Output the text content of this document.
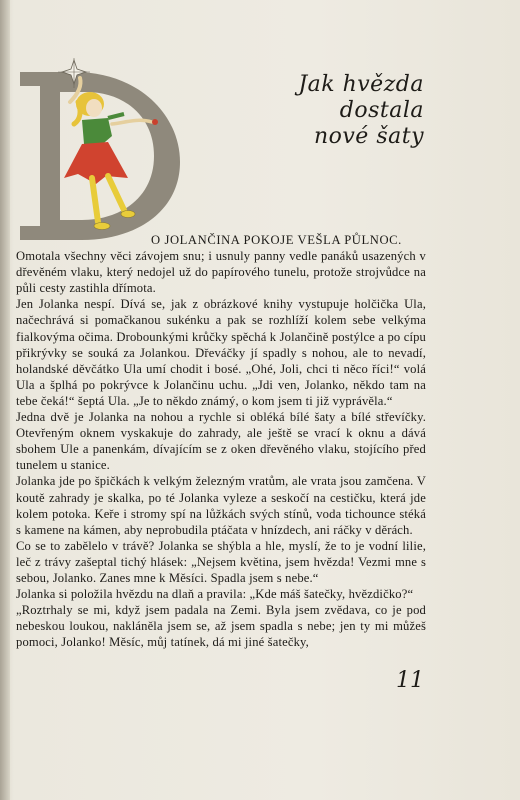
Jak hvězda
dostala
nové šaty
O JOLANČINA POKOJE VEŠLA PŮLNOC.
Omotala všechny věci závojem snu; i usnuly panny vedle panáků usazených v dřevěném vlaku, který nedojel už do papírového tunelu, protože strojvůdce na půli cesty zastihla dřímota.
Jen Jolanka nespí. Dívá se, jak z obrázkové knihy vystupuje holčička Ula, načechrává si pomačkanou sukénku a pak se rozhlíží kolem sebe velkýma fialkovýma očima. Drobounkými krůčky spěchá k Jolančině postýlce a po cípu přikrývky se souká za Jolankou. Dřeváčky jí spadly s nohou, ale to nevadí, holandské děvčátko Ula umí chodit i bosé. „Ohé, Joli, chci ti něco říci!“ volá Ula a šplhá po pokrývce k Jolančinu uchu. „Jdi ven, Jolanko, někdo tam na tebe čeká!“ šeptá Ula. „Je to někdo známý, o kom jsem ti již vyprávěla.“
Jedna dvě je Jolanka na nohou a rychle si obléká bílé šaty a bílé střevíčky. Otevřeným oknem vyskakuje do zahrady, ale ještě se vrací k oknu a dává sbohem Ule a panenkám, dívajícím se z oken dřevěného vlaku, stojícího před tunelem u stanice.
Jolanka jde po špičkách k velkým železným vratům, ale vrata jsou zamčena. V koutě zahrady je skalka, po té Jolanka vyleze a seskočí na cestičku, která jde kolem potoka. Keře i stromy spí na lůžkách svých stínů, voda tichounce stéká s kamene na kámen, aby neprobudila ptáčata v hnízdech, ani ráčky v děrách.
Co se to zabělelo v trávě? Jolanka se shýbla a hle, myslí, že to je vodní lilie, leč z trávy zašeptal tichý hlásek: „Nejsem květina, jsem hvězda! Vezmi mne s sebou, Jolanko. Zanes mne k Měsíci. Spadla jsem s nebe.“
Jolanka si položila hvězdu na dlaň a pravila: „Kde máš šatečky, hvězdičko?“
„Roztrhaly se mi, když jsem padala na Zemi. Byla jsem zvědava, co je pod nebeskou loukou, nakláněla jsem se, až jsem spadla s nebe; jen ty mi můžeš pomoci, Jolanko! Měsíc, můj tatínek, dá mi jiné šatečky,
11
